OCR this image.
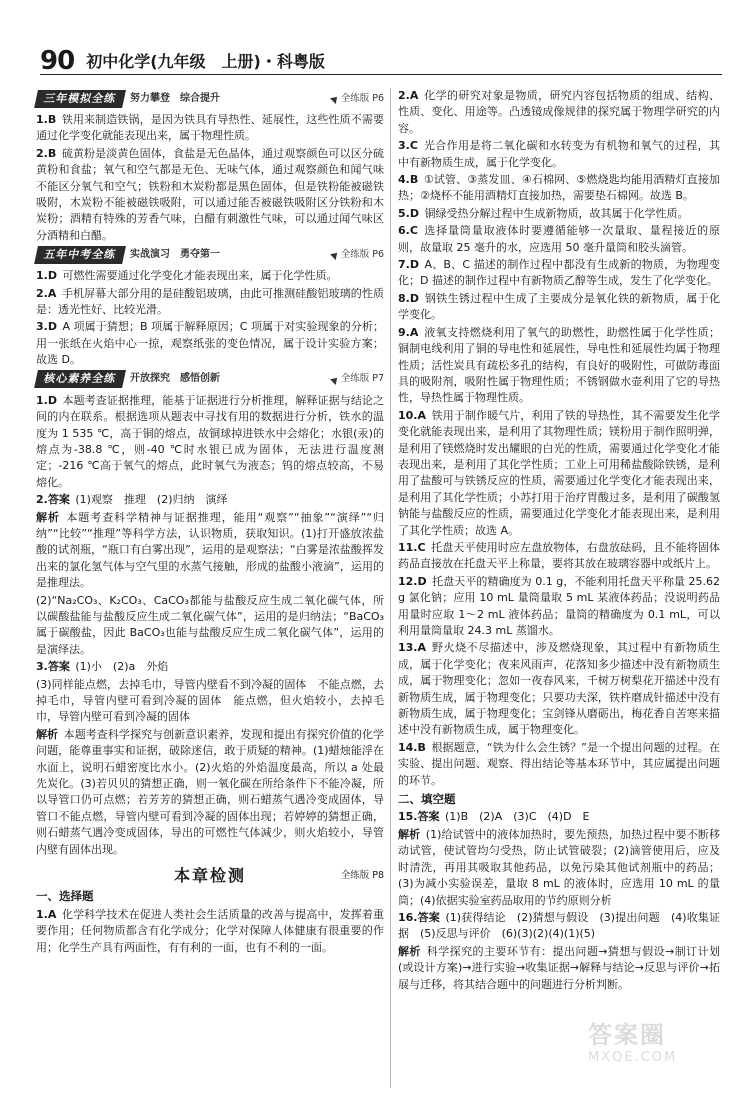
90 初中化学(九年级　上册)・科粤版
三年模拟全练	努力攀登　综合提升	全练版 P6
1.B  铁用来制造铁锅，是因为铁具有导热性、延展性，这些性质不需要通过化学变化就能表现出来，属于物理性质。
2.B  硫黄粉是淡黄色固体，食盐是无色晶体，通过观察颜色可以区分硫黄粉和食盐；氧气和空气都是无色、无味气体，通过观察颜色和闻气味不能区分氧气和空气；铁粉和木炭粉都是黑色固体，但是铁粉能被磁铁吸附，木炭粉不能被磁铁吸附，可以通过能否被磁铁吸附区分铁粉和木炭粉；酒精有特殊的芳香气味，白醋有刺激性气味，可以通过闻气味区分酒精和白醋。
五年中考全练	实战演习　勇夺第一	全练版 P6
1.D  可燃性需要通过化学变化才能表现出来，属于化学性质。
2.A  手机屏幕大部分用的是硅酸铝玻璃，由此可推测硅酸铝玻璃的性质是：透光性好、比较光滑。
3.D  A 项属于猜想；B 项属于解释原因；C 项属于对实验现象的分析；用一张纸在火焰中心一掠，观察纸张的变色情况，属于设计实验方案；故选 D。
核心素养全练	开放探究　感悟创新	全练版 P7
1.D  本题考查证据推理，能基于证据进行分析推理，解释证据与结论之间的内在联系。根据选项从题表中寻找有用的数据进行分析，铁水的温度为 1 535 ℃，高于铜的熔点，故铜球掉进铁水中会熔化；水银(汞)的熔点为-38.8 ℃，则-40 ℃时水银已成为固体，无法进行温度测定；-216 ℃高于氧气的熔点，此时氧气为液态；钨的熔点较高，不易熔化。
2.答案  (1)观察　推理　(2)归纳　演绎
解析  本题考查科学精神与证据推理，能用“观察”“抽象”“演绎”“归纳”“比较”“推理”等科学方法，认识物质，获取知识。(1)打开盛放浓盐酸的试剂瓶，“瓶口有白雾出现”，运用的是观察法；“白雾是浓盐酸挥发出来的氯化氢气体与空气里的水蒸气接触，形成的盐酸小液滴”，运用的是推理法。
(2)“Na₂CO₃、K₂CO₃、CaCO₃都能与盐酸反应生成二氧化碳气体，所以碳酸盐能与盐酸反应生成二氧化碳气体”，运用的是归纳法；“BaCO₃属于碳酸盐，因此 BaCO₃也能与盐酸反应生成二氧化碳气体”，运用的是演绎法。
3.答案  (1)小　(2)a　外焰
(3)同样能点燃，去掉毛巾，导管内壁看不到冷凝的固体　不能点燃，去掉毛巾，导管内壁可看到冷凝的固体　能点燃，但火焰较小，去掉毛巾，导管内壁可看到冷凝的固体
解析  本题考查科学探究与创新意识素养，发现和提出有探究价值的化学问题，能尊重事实和证据，破除迷信，敢于质疑的精神。(1)蜡烛能浮在水面上，说明石蜡密度比水小。(2)火焰的外焰温度最高，所以 a 处最先炭化。(3)若贝贝的猜想正确，则一氧化碳在所给条件下不能冷凝，所以导管口仍可点燃；若芳芳的猜想正确，则石蜡蒸气遇冷变成固体，导管口不能点燃，导管内壁可看到冷凝的固体出现；若婷婷的猜想正确，则石蜡蒸气遇冷变成固体，导出的可燃性气体减少，则火焰较小，导管内壁有固体出现。
本章检测	全练版 P8
一、选择题
1.A  化学科学技术在促进人类社会生活质量的改善与提高中，发挥着重要作用；任何物质都含有化学成分；化学对保障人体健康有很重要的作用；化学生产具有两面性，有有利的一面，也有不利的一面。
2.A  化学的研究对象是物质，研究内容包括物质的组成、结构、性质、变化、用途等。凸透镜成像规律的探究属于物理学研究的内容。
3.C  光合作用是将二氧化碳和水转变为有机物和氧气的过程，其中有新物质生成，属于化学变化。
4.B  ①试管、③蒸发皿、④石棉网、⑤燃烧匙均能用酒精灯直接加热；②烧杯不能用酒精灯直接加热，需要垫石棉网。故选 B。
5.D  铜绿受热分解过程中生成新物质，故其属于化学性质。
6.C  选择量筒量取液体时要遵循能够一次量取、量程接近的原则，故量取 25 毫升的水，应选用 50 毫升量筒和胶头滴管。
7.D  A、B、C 描述的制作过程中都没有生成新的物质，为物理变化；D 描述的制作过程中有新物质乙醇等生成，发生了化学变化。
8.D  钢铁生锈过程中生成了主要成分是氧化铁的新物质，属于化学变化。
9.A  液氧支持燃烧利用了氧气的助燃性，助燃性属于化学性质；铜制电线利用了铜的导电性和延展性，导电性和延展性均属于物理性质；活性炭具有疏松多孔的结构，有良好的吸附性，可做防毒面具的吸附剂，吸附性属于物理性质；不锈钢做水壶利用了它的导热性，导热性属于物理性质。
10.A  铁用于制作暖气片，利用了铁的导热性，其不需要发生化学变化就能表现出来，是利用了其物理性质；镁粉用于制作照明弹，是利用了镁燃烧时发出耀眼的白光的性质，需要通过化学变化才能表现出来，是利用了其化学性质；工业上可用稀盐酸除铁锈，是利用了盐酸可与铁锈反应的性质，需要通过化学变化才能表现出来，是利用了其化学性质；小苏打用于治疗胃酸过多，是利用了碳酸氢钠能与盐酸反应的性质，需要通过化学变化才能表现出来，是利用了其化学性质；故选 A。
11.C  托盘天平使用时应左盘放物体，右盘放砝码，且不能将固体药品直接放在托盘天平上称量，要将其放在玻璃容器中或纸片上。
12.D  托盘天平的精确度为 0.1 g，不能利用托盘天平称量 25.62 g 氯化钠；应用 10 mL 量筒量取 5 mL 某液体药品；没说明药品用量时应取 1～2 mL 液体药品；量筒的精确度为 0.1 mL，可以利用量筒量取 24.3 mL 蒸馏水。
13.A  野火烧不尽描述中，涉及燃烧现象，其过程中有新物质生成，属于化学变化；夜来风雨声，花落知多少描述中没有新物质生成，属于物理变化；忽如一夜春风来，千树万树梨花开描述中没有新物质生成，属于物理变化；只要功夫深，铁杵磨成针描述中没有新物质生成，属于物理变化；宝剑锋从磨砺出，梅花香自苦寒来描述中没有新物质生成，属于物理变化。
14.B  根据题意，“铁为什么会生锈？”是一个提出问题的过程。在实验、提出问题、观察、得出结论等基本环节中，其应属提出问题的环节。
二、填空题
15.答案  (1)B　(2)A　(3)C　(4)D　E
解析  (1)给试管中的液体加热时，要先预热，加热过程中要不断移动试管，使试管均匀受热，防止试管破裂；(2)滴管使用后，应及时清洗，再用其吸取其他药品，以免污染其他试剂瓶中的药品；(3)为减小实验误差，量取 8 mL 的液体时，应选用 10 mL 的量筒；(4)依据实验室药品取用的节约原则分析
16.答案  (1)获得结论　(2)猜想与假设　(3)提出问题　(4)收集证据　(5)反思与评价　(6)(3)(2)(4)(1)(5)
解析  科学探究的主要环节有：提出问题→猜想与假设→制订计划(或设计方案)→进行实验→收集证据→解释与结论→反思与评价→拓展与迁移，将其结合题中的问题进行分析判断。
答案圈
MXQE.COM
